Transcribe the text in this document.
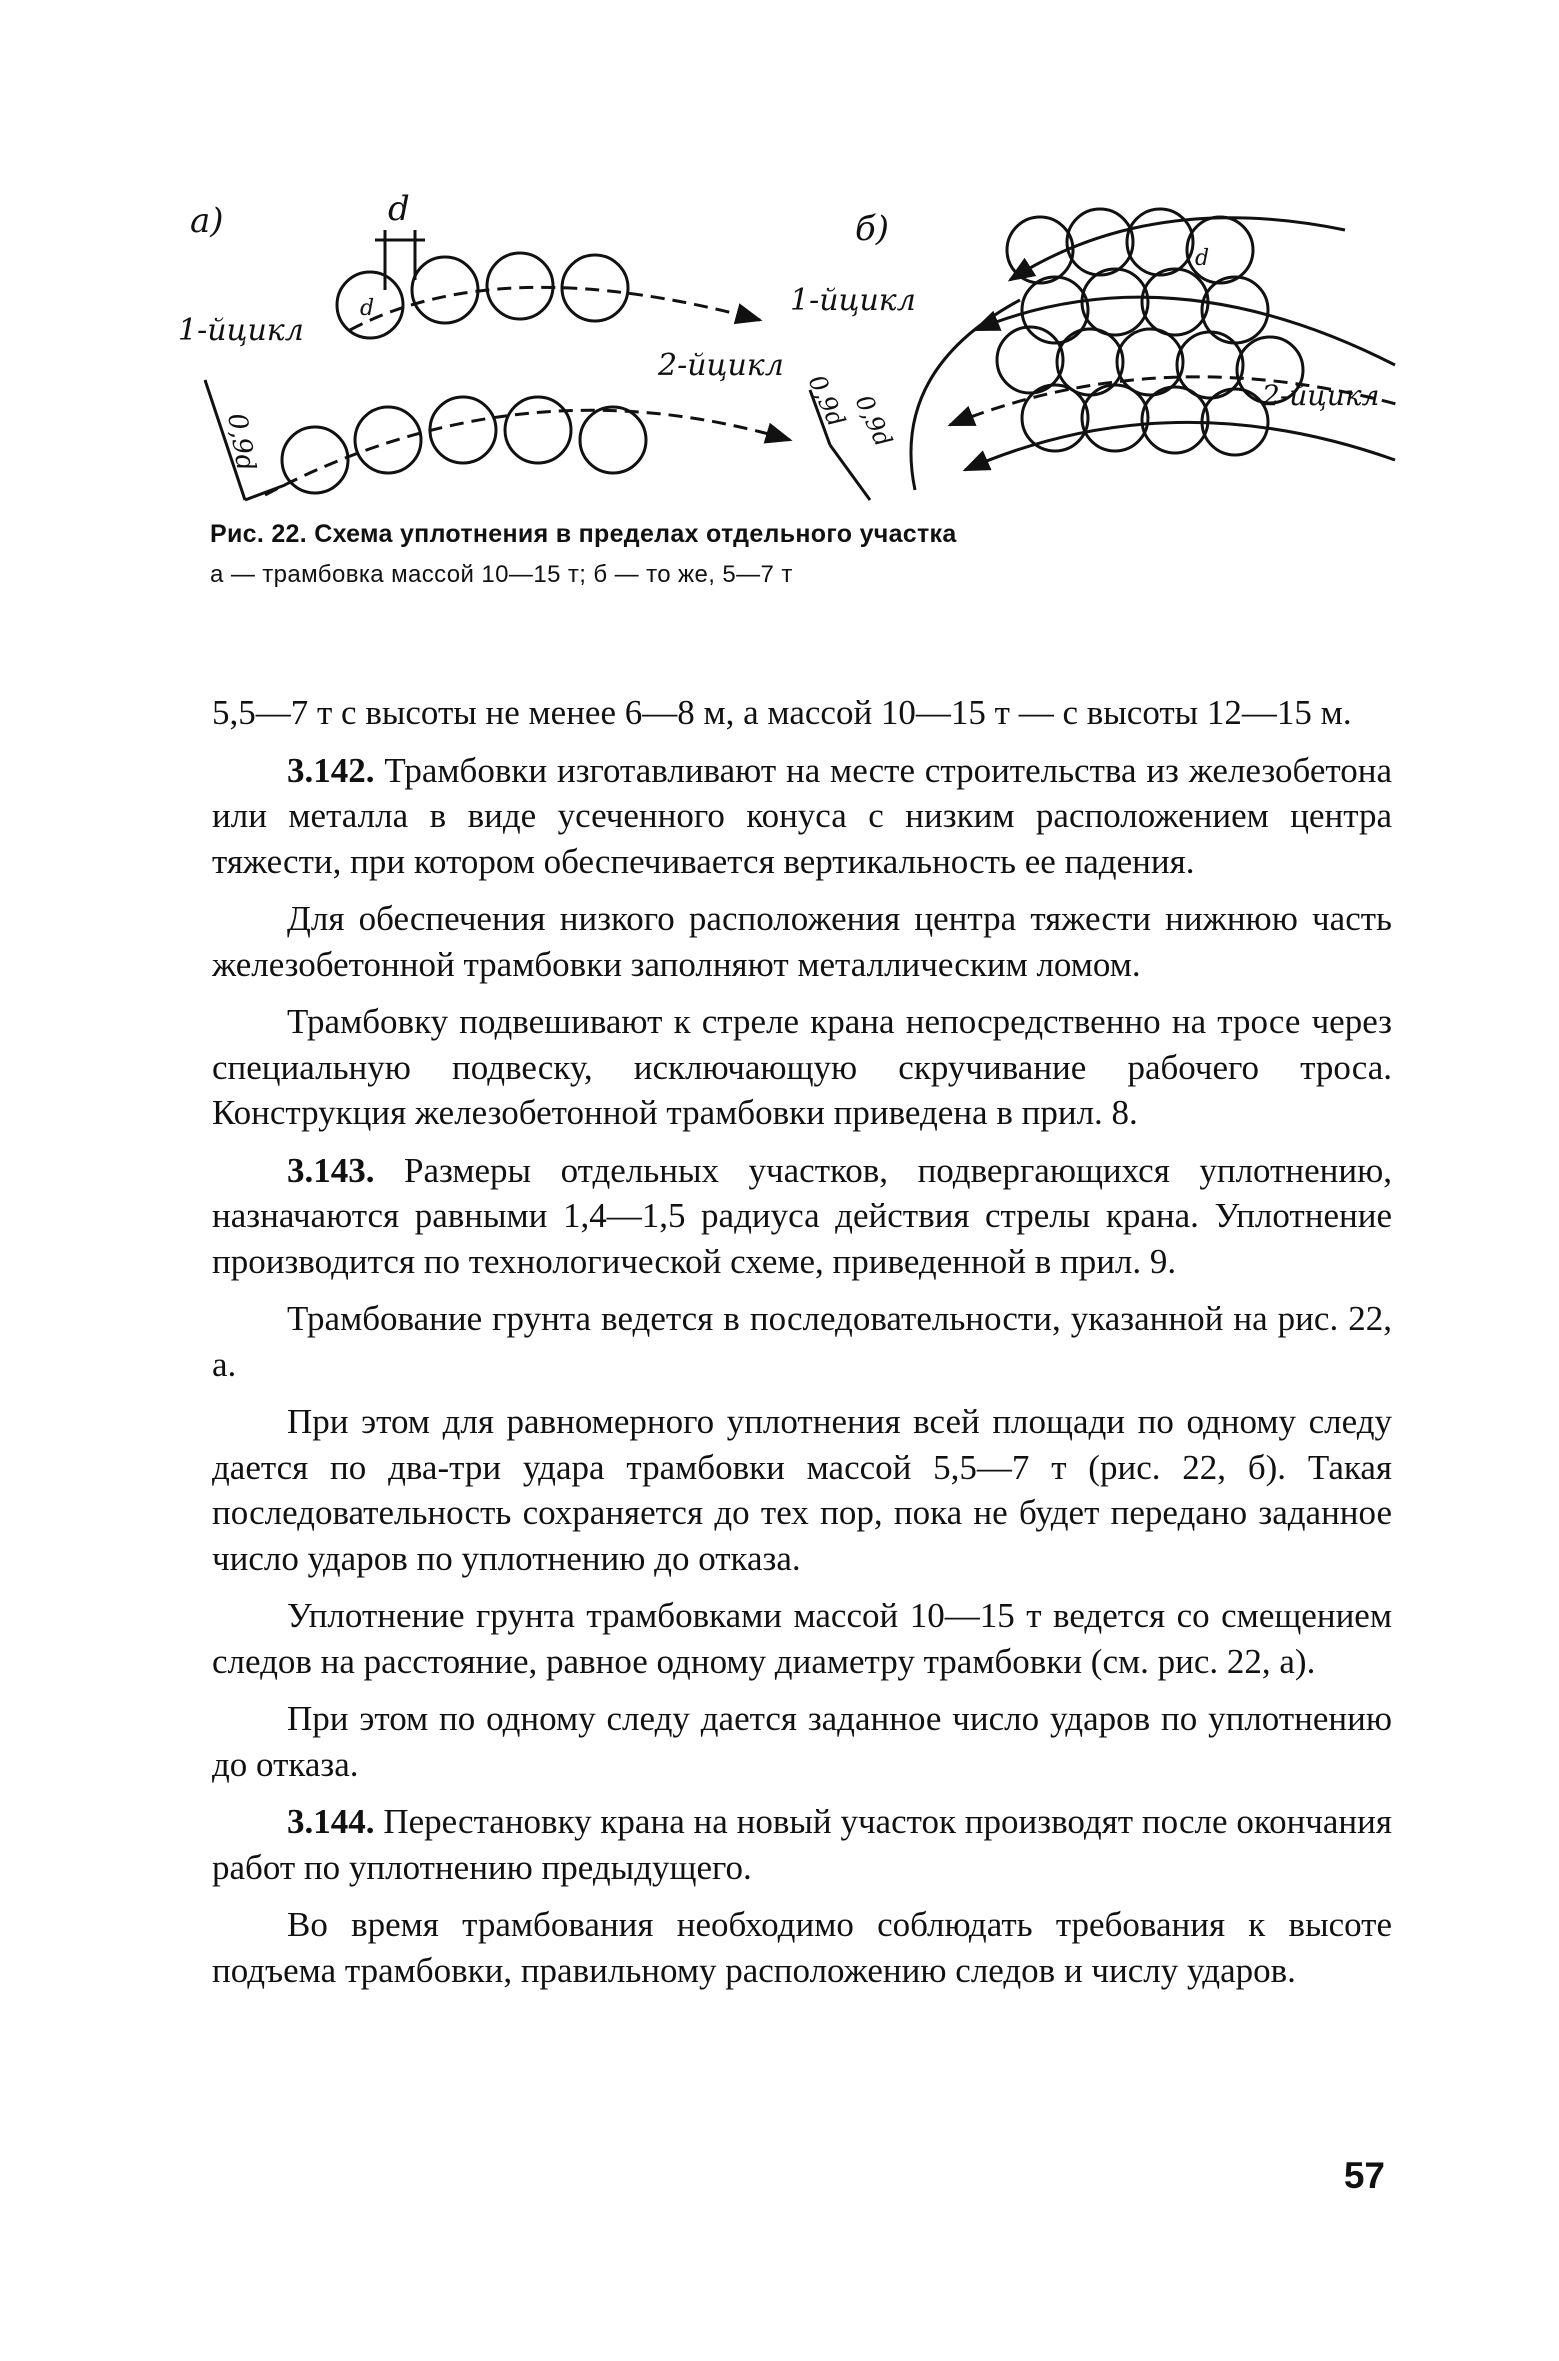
a)	d
1-йцикл
2-йцикл
d
0,9d
б)
1-йцикл
2-йцикл
d
0,9d 0,9d

Рис. 22. Схема уплотнения в пределах отдельного участка

а — трамбовка массой 10—15 т; б — то же, 5—7 т

5,5—7 т с высоты не менее 6—8 м, а массой 10—15 т — с высоты 12—15 м.

3.142. Трамбовки изготавливают на месте строительства из железобетона или металла в виде усеченного конуса с низким расположением центра тяжести, при котором обеспечивается вертикальность ее падения.

Для обеспечения низкого расположения центра тяжести нижнюю часть железобетонной трамбовки заполняют металлическим ломом.

Трамбовку подвешивают к стреле крана непосредственно на тросе через специальную подвеску, исключающую скручивание рабочего троса. Конструкция железобетонной трамбовки приведена в прил. 8.

3.143. Размеры отдельных участков, подвергающихся уплотнению, назначаются равными 1,4—1,5 радиуса действия стрелы крана. Уплотнение производится по технологической схеме, приведенной в прил. 9.

Трамбование грунта ведется в последовательности, указанной на рис. 22, а.

При этом для равномерного уплотнения всей площади по одному следу дается по два-три удара трамбовки массой 5,5—7 т (рис. 22, б). Такая последовательность сохраняется до тех пор, пока не будет передано заданное число ударов по уплотнению до отказа.

Уплотнение грунта трамбовками массой 10—15 т ведется со смещением следов на расстояние, равное одному диаметру трамбовки (см. рис. 22, а).

При этом по одному следу дается заданное число ударов по уплотнению до отказа.

3.144. Перестановку крана на новый участок производят после окончания работ по уплотнению предыдущего.

Во время трамбования необходимо соблюдать требования к высоте подъема трамбовки, правильному расположению следов и числу ударов.

57
